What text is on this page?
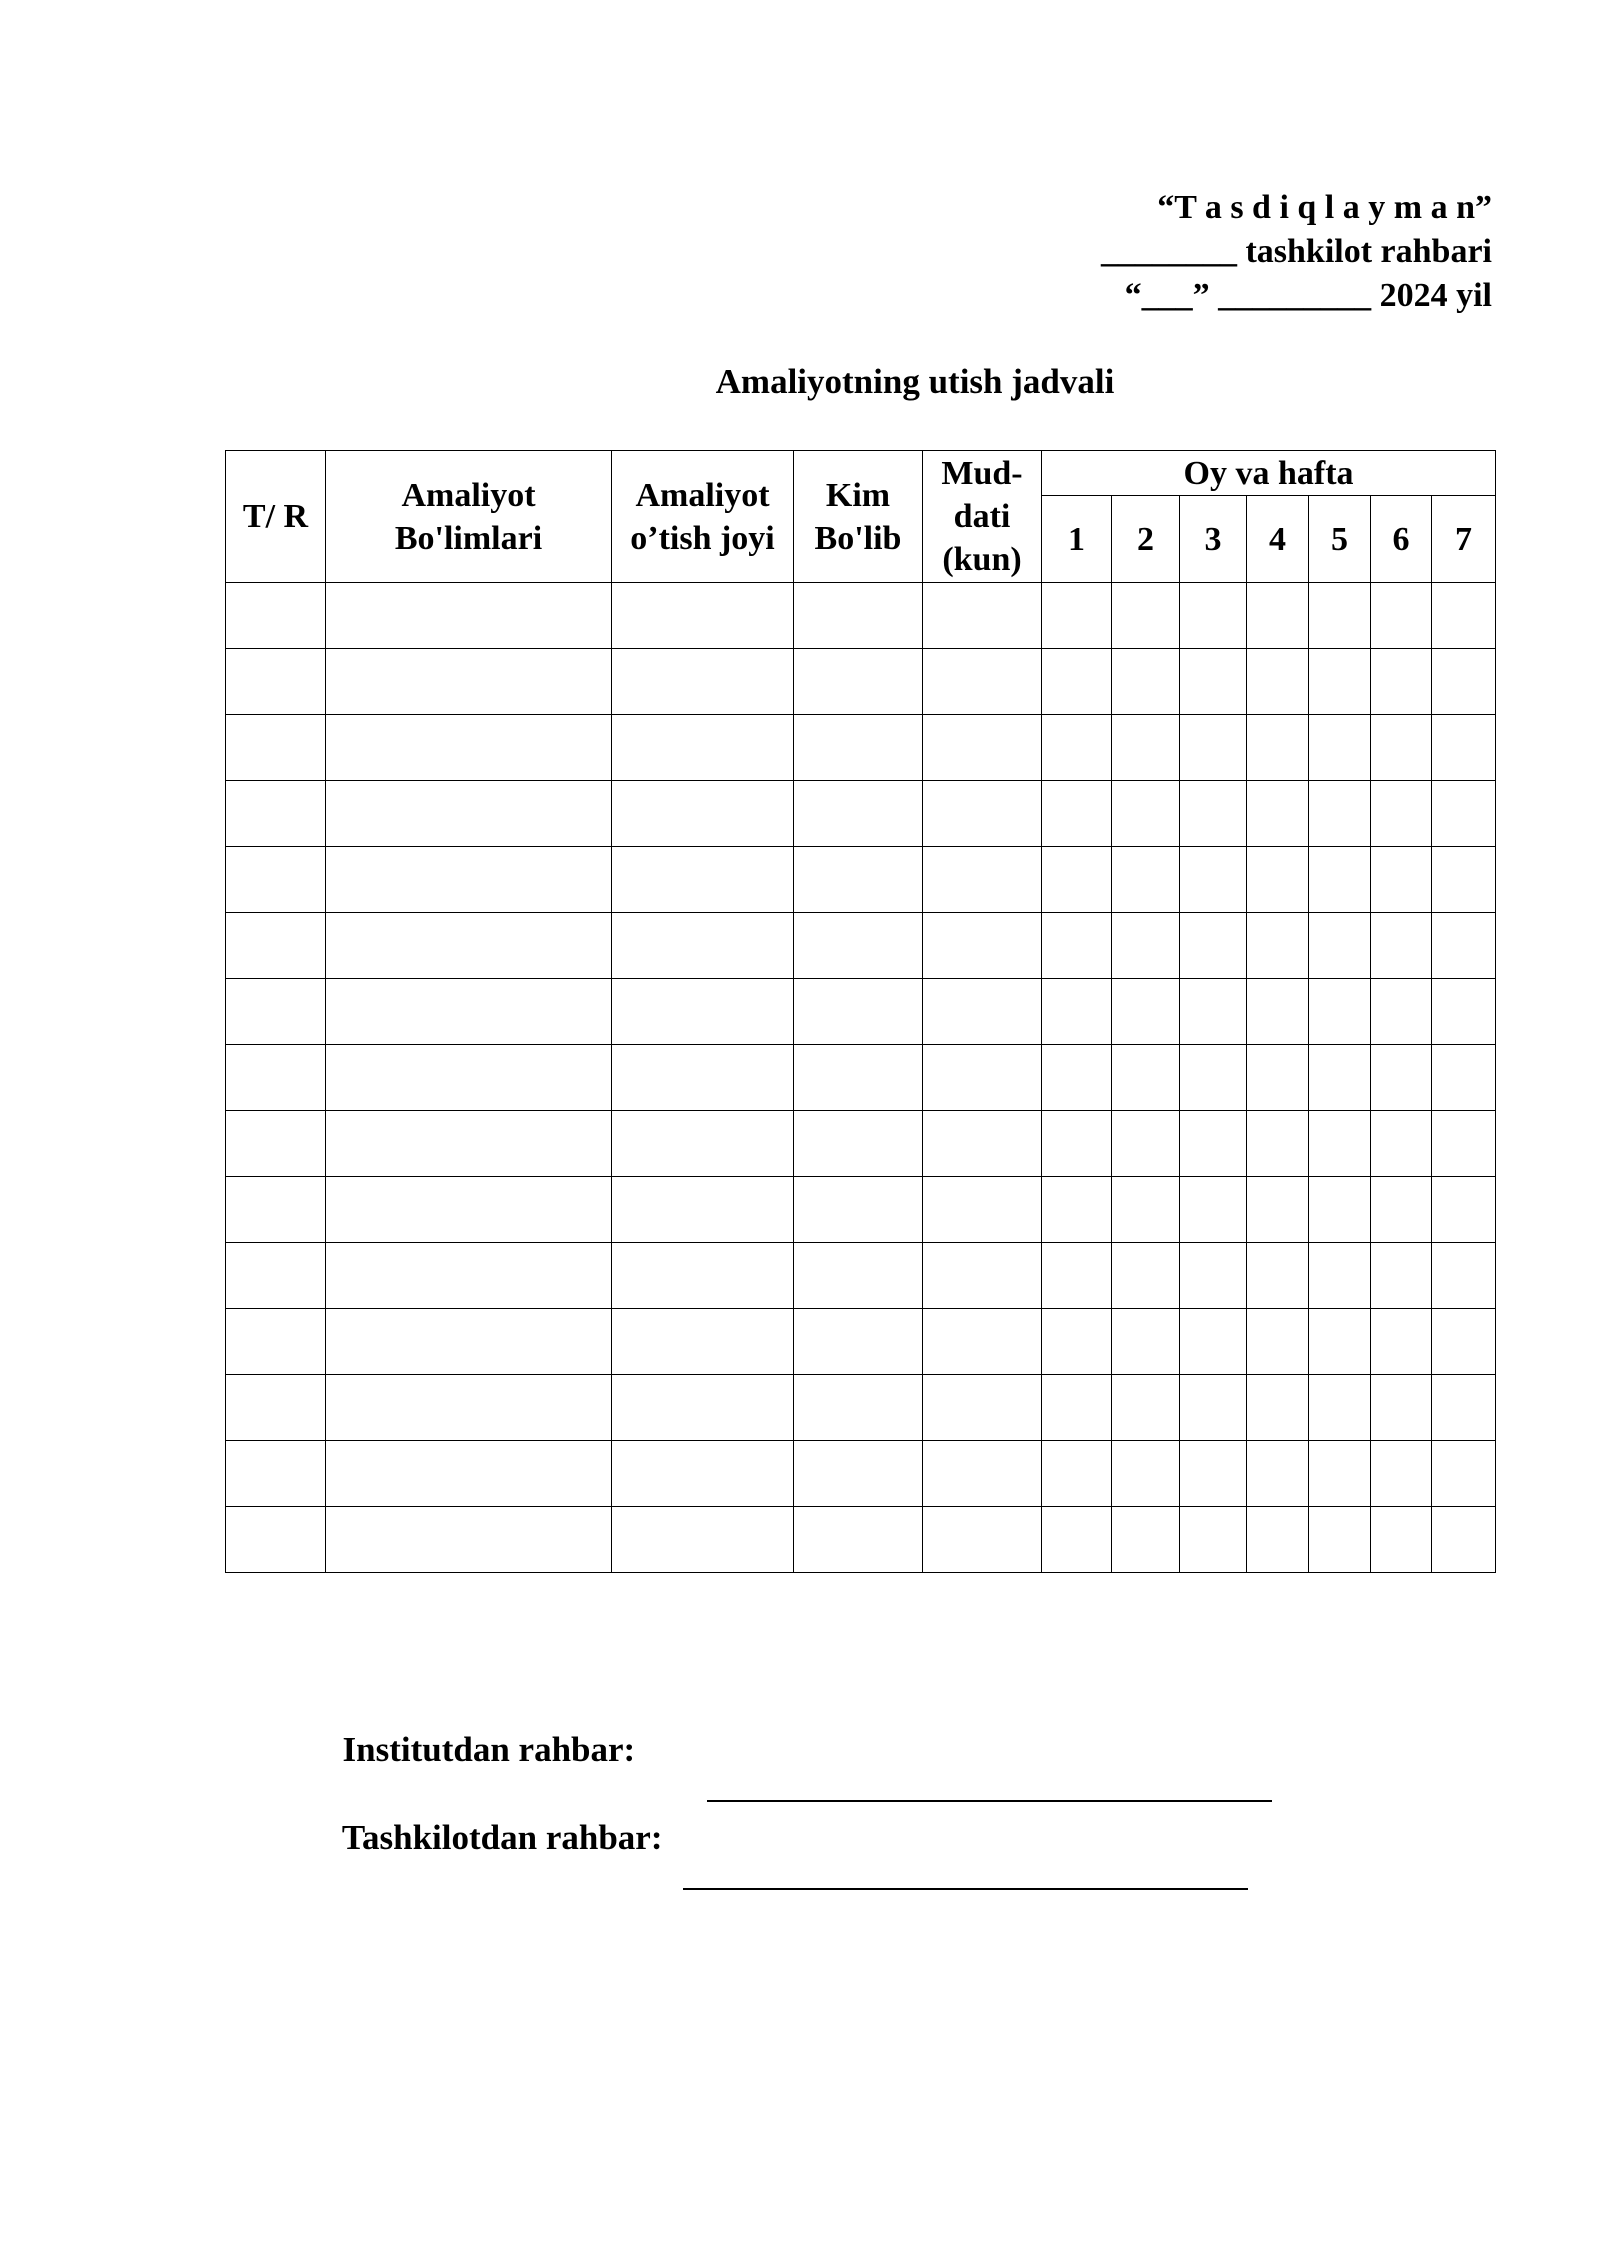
“T a s d i q l a y m a n”
________ tashkilot rahbari
“___” _________ 2024 yil
Amaliyotning utish jadvali
T/ R	Amaliyot Bo'limlari	Amaliyot o’tish joyi	Kim Bo'lib	Mud- dati (kun)	Oy va hafta						
					1	2	3	4	5	6	7

Institutdan rahbar:

Tashkilotdan rahbar:
